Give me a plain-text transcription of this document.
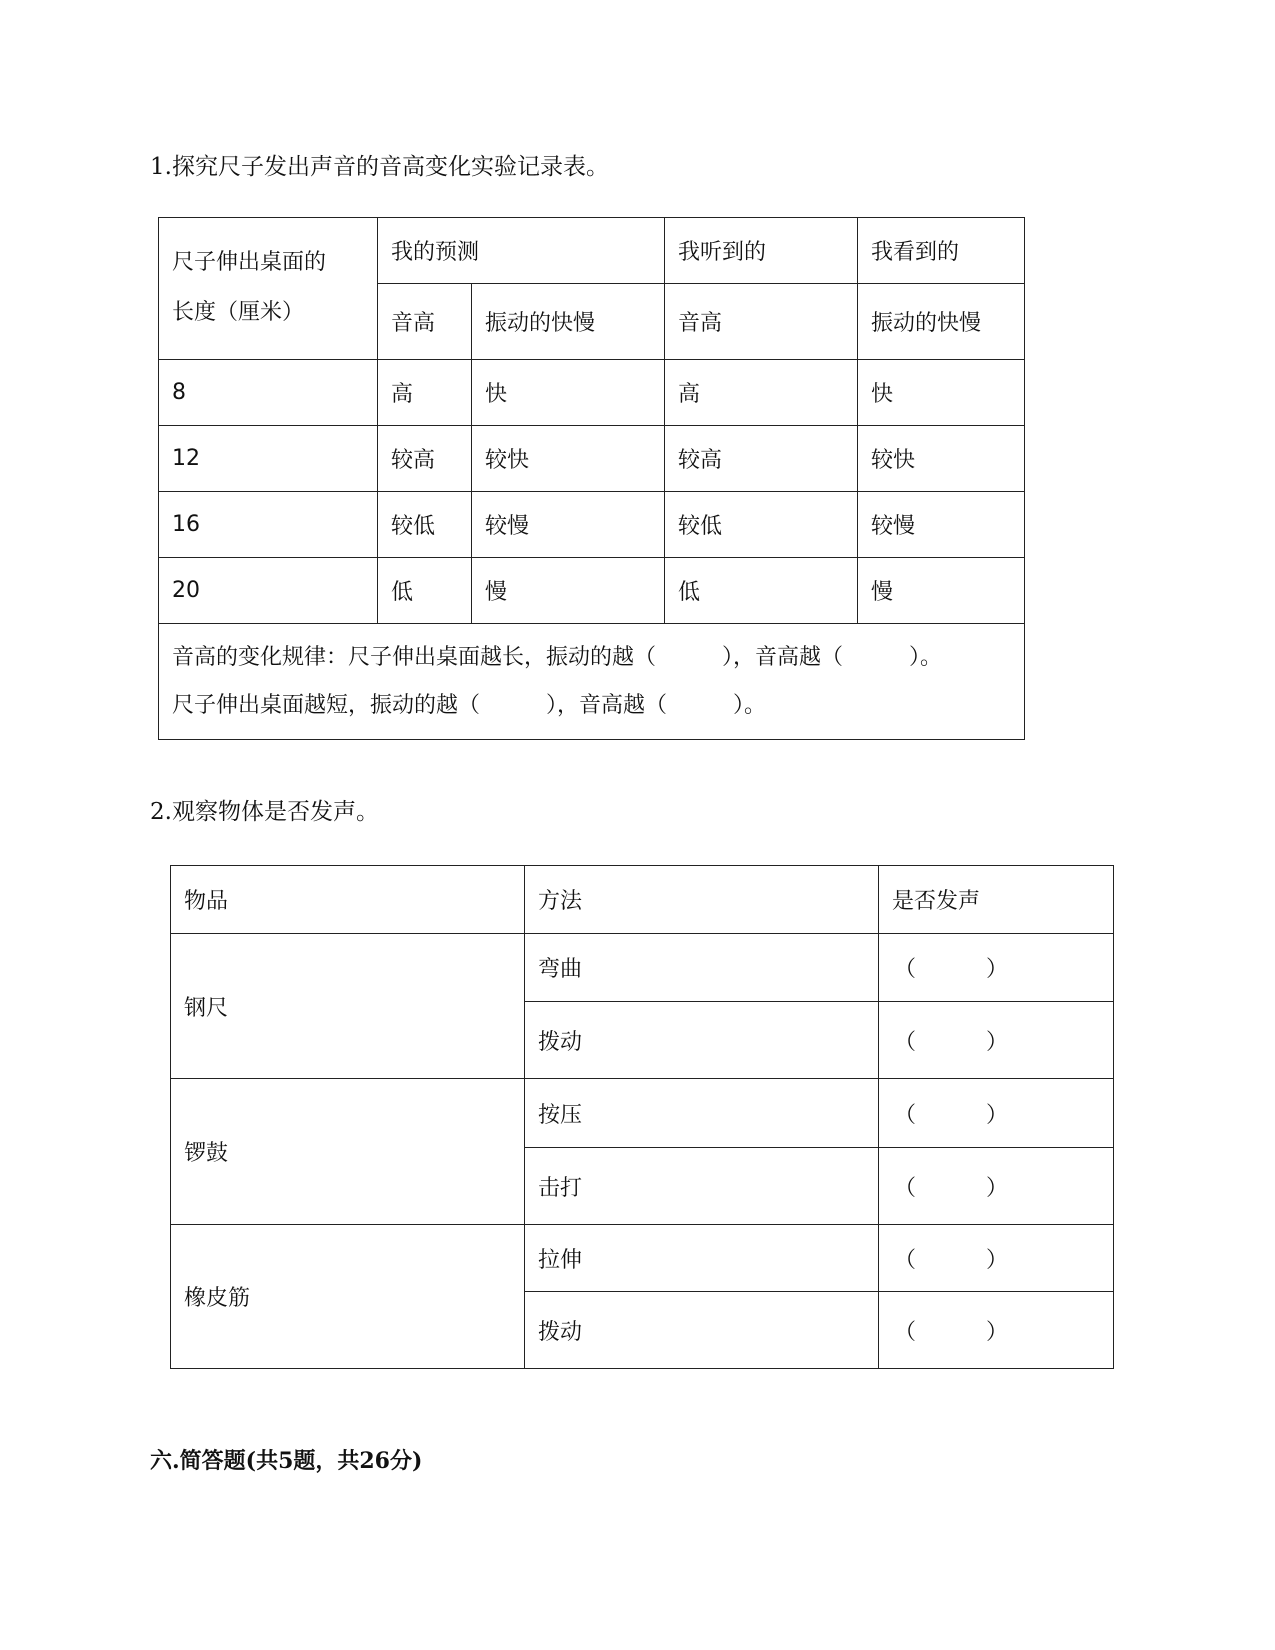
1.探究尺子发出声音的音高变化实验记录表。
尺子伸出桌面的
长度（厘米）	我的预测		我听到的	我看到的
	音高	振动的快慢	音高	振动的快慢
8	高	快	高	快
12	较高	较快	较高	较快
16	较低	较慢	较低	较慢
20	低	慢	低	慢
音高的变化规律：尺子伸出桌面越长，振动的越（　　　），音高越（　　　）。
尺子伸出桌面越短，振动的越（　　　），音高越（　　　）。				
2.观察物体是否发声。
物品	方法	是否发声
钢尺	弯曲	（ ）
	拨动	（ ）
锣鼓	按压	（ ）
	击打	（ ）
橡皮筋	拉伸	（ ）
	拨动	（ ）
六.简答题(共5题，共26分)
